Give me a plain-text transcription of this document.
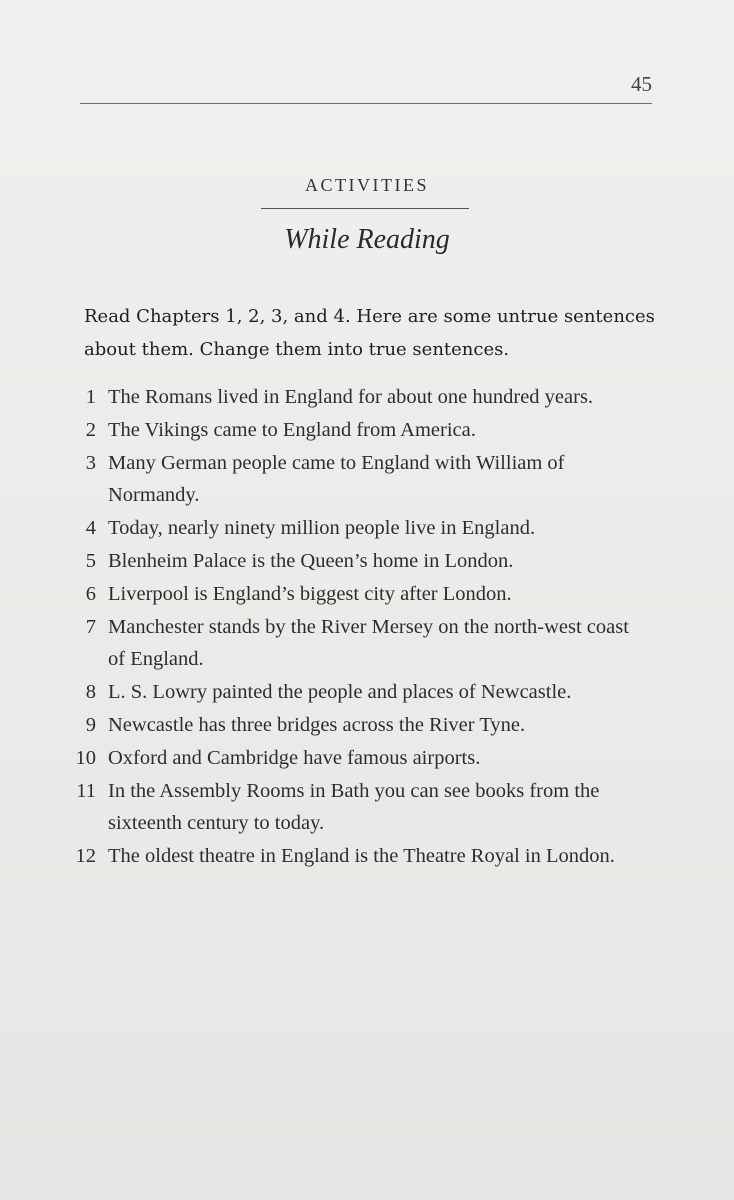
45
ACTIVITIES
While Reading
Read Chapters 1, 2, 3, and 4. Here are some untrue sentences about them. Change them into true sentences.
1 The Romans lived in England for about one hundred years.
2 The Vikings came to England from America.
3 Many German people came to England with William of Normandy.
4 Today, nearly ninety million people live in England.
5 Blenheim Palace is the Queen’s home in London.
6 Liverpool is England’s biggest city after London.
7 Manchester stands by the River Mersey on the north-west coast of England.
8 L. S. Lowry painted the people and places of Newcastle.
9 Newcastle has three bridges across the River Tyne.
10 Oxford and Cambridge have famous airports.
11 In the Assembly Rooms in Bath you can see books from the sixteenth century to today.
12 The oldest theatre in England is the Theatre Royal in London.
